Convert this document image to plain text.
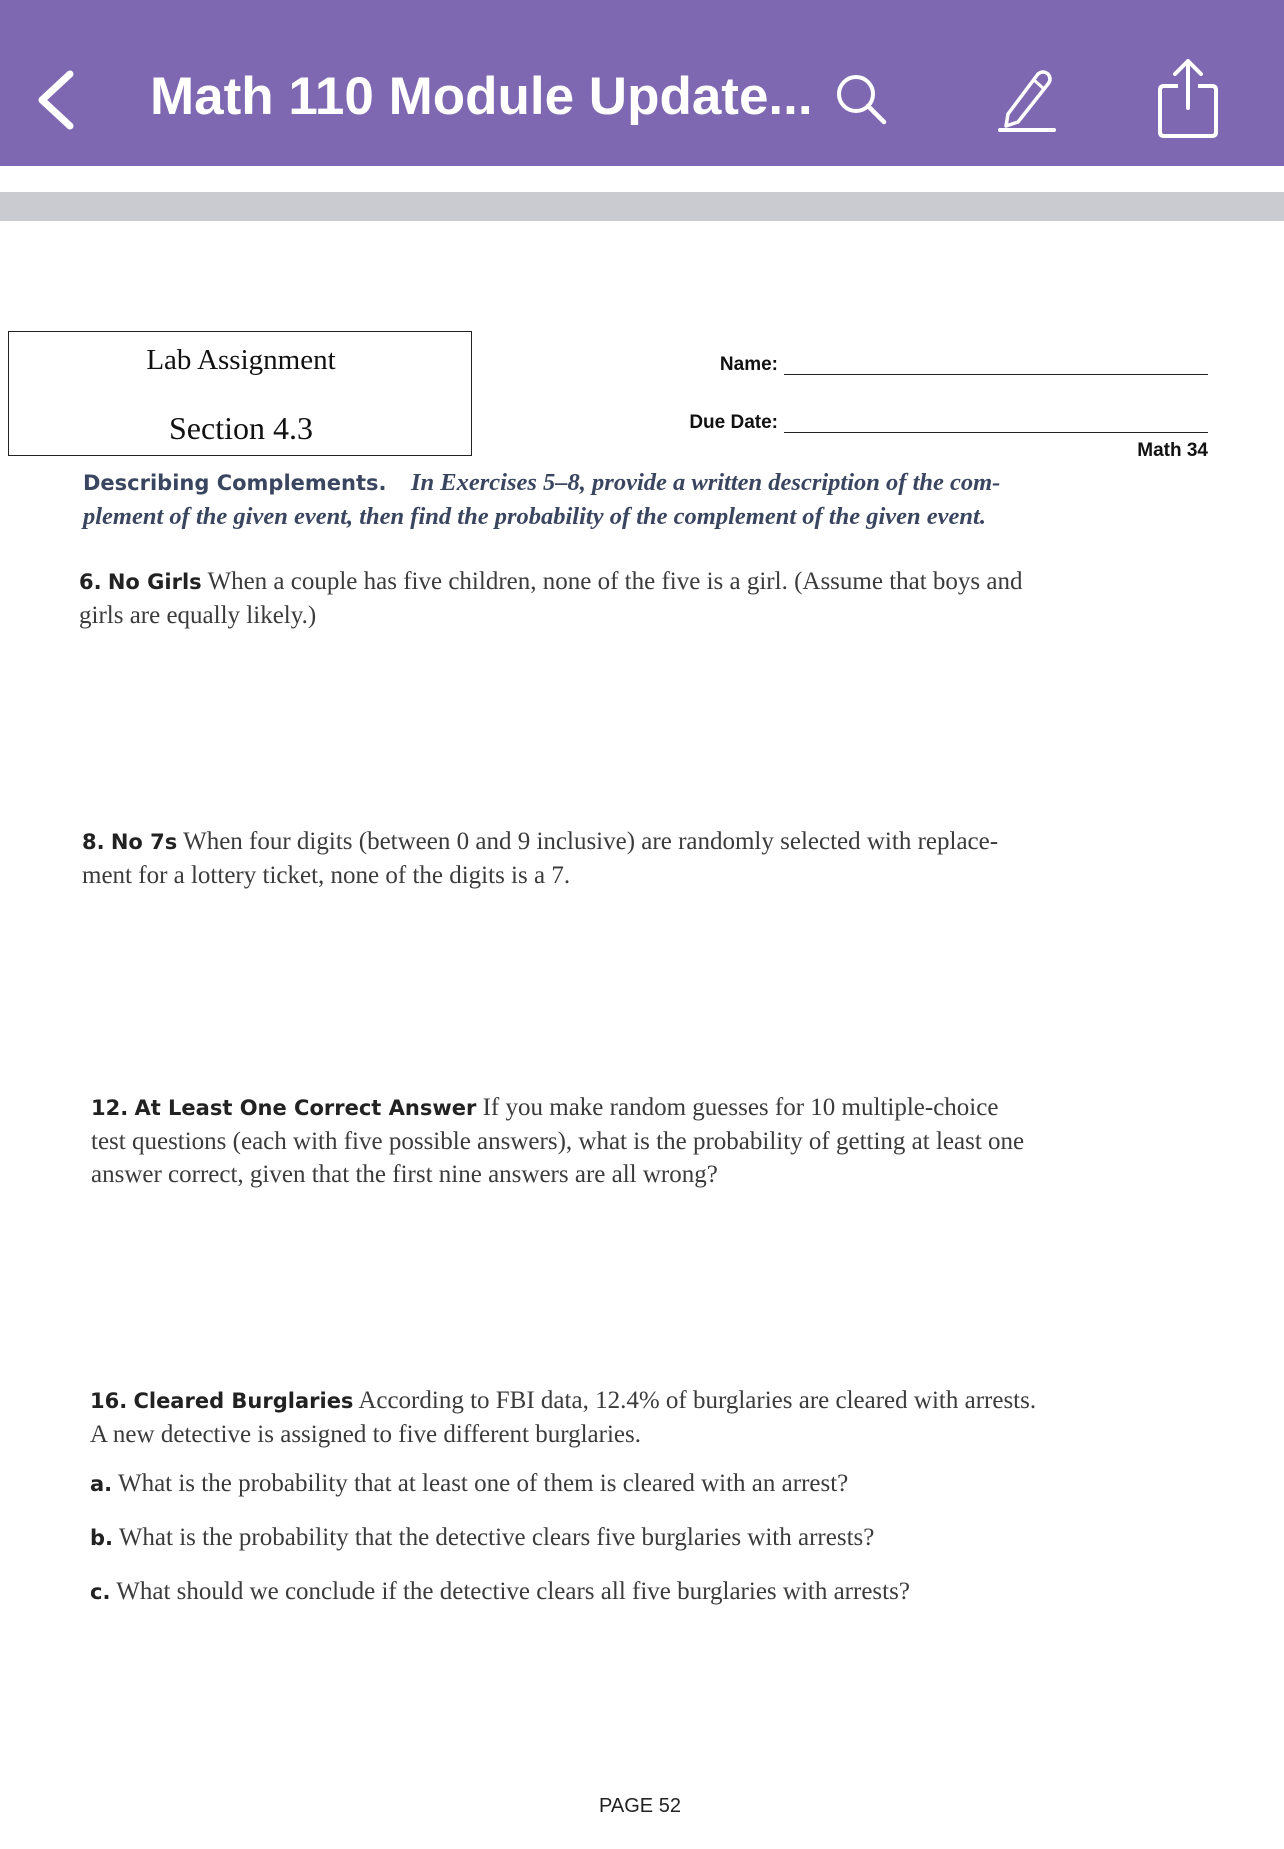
Math 110 Module Update...
Lab Assignment
Section 4.3
Name:
Due Date:
Math 34
Describing Complements. In Exercises 5–8, provide a written description of the com-
plement of the given event, then find the probability of the complement of the given event.
6. No Girls When a couple has five children, none of the five is a girl. (Assume that boys and
girls are equally likely.)
8. No 7s When four digits (between 0 and 9 inclusive) are randomly selected with replace-
ment for a lottery ticket, none of the digits is a 7.
12. At Least One Correct Answer If you make random guesses for 10 multiple-choice
test questions (each with five possible answers), what is the probability of getting at least one
answer correct, given that the first nine answers are all wrong?
16. Cleared Burglaries According to FBI data, 12.4% of burglaries are cleared with arrests.
A new detective is assigned to five different burglaries.
a. What is the probability that at least one of them is cleared with an arrest?
b. What is the probability that the detective clears five burglaries with arrests?
c. What should we conclude if the detective clears all five burglaries with arrests?
PAGE 52
